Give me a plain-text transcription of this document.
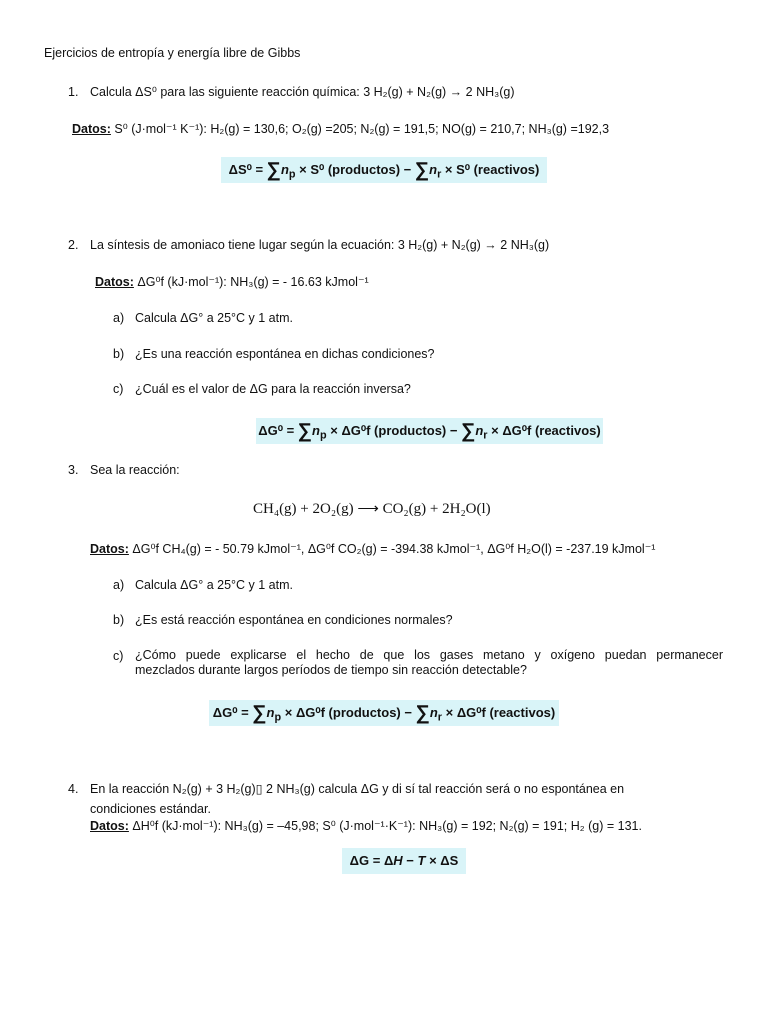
Ejercicios de entropía y energía libre de Gibbs
1. Calcula ΔS⁰ para las siguiente reacción química: 3 H₂(g) + N₂(g) → 2 NH₃(g)
Datos: S⁰ (J·mol⁻¹ K⁻¹): H₂(g) = 130,6; O₂(g) =205; N₂(g) = 191,5; NO(g) = 210,7; NH₃(g) =192,3
$\Delta S^0 = \sum n_p \times S^0$ (productos) − $\sum n_r \times S^0$ (reactivos)
2. La síntesis de amoniaco tiene lugar según la ecuación: 3 H₂(g) + N₂(g) → 2 NH₃(g)
Datos: ΔG⁰f (kJ·mol⁻¹): NH₃(g) = - 16.63 kJmol⁻¹
a) Calcula ΔG° a 25°C y 1 atm.
b) ¿Es una reacción espontánea en dichas condiciones?
c) ¿Cuál es el valor de ΔG para la reacción inversa?
$\Delta G^0 = \sum n_p \times \Delta G^0f$ (productos) − $\sum n_r \times \Delta G^0f$ (reactivos)
3. Sea la reacción:
CH₄(g) + 2O₂(g) ⟶ CO₂(g) + 2H₂O(l)
Datos: ΔG⁰f CH₄(g) = - 50.79 kJmol⁻¹, ΔG⁰f CO₂(g) = -394.38 kJmol⁻¹, ΔG⁰f H₂O(l) = -237.19 kJmol⁻¹
a) Calcula ΔG° a 25°C y 1 atm.
b) ¿Es está reacción espontánea en condiciones normales?
c) ¿Cómo puede explicarse el hecho de que los gases metano y oxígeno puedan permanecer
mezclados durante largos períodos de tiempo sin reacción detectable?
$\Delta G^0 = \sum n_p \times \Delta G^0f$ (productos) − $\sum n_r \times \Delta G^0f$ (reactivos)
4. En la reacción N₂(g) + 3 H₂(g)▯ 2 NH₃(g) calcula ΔG y di sí tal reacción será o no espontánea en
condiciones estándar.
Datos: ΔH⁰f (kJ·mol⁻¹): NH₃(g) = –45,98; S⁰ (J·mol⁻¹·K⁻¹): NH₃(g) = 192; N₂(g) = 191; H₂ (g) = 131.
ΔG = ΔH − T × ΔS
